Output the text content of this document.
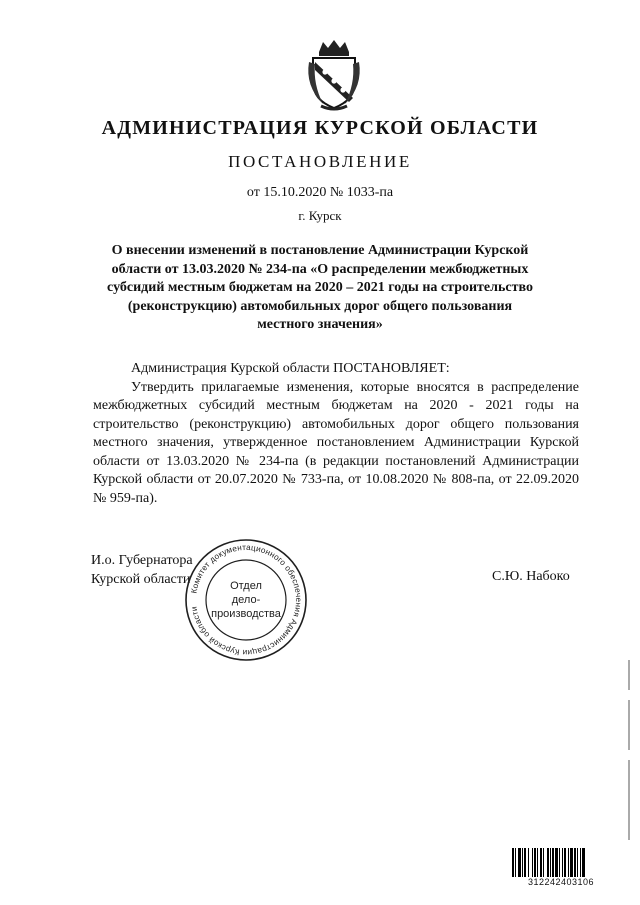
АДМИНИСТРАЦИЯ КУРСКОЙ ОБЛАСТИ
ПОСТАНОВЛЕНИЕ
от 15.10.2020 № 1033-па
г. Курск
О внесении изменений в постановление Администрации Курской
области от 13.03.2020 № 234-па «О распределении межбюджетных
субсидий местным бюджетам на 2020 – 2021 годы на строительство
(реконструкцию) автомобильных дорог общего пользования
местного значения»

Администрация Курской области ПОСТАНОВЛЯЕТ:

Утвердить прилагаемые изменения, которые вносятся в распределение межбюджетных субсидий местным бюджетам на 2020 - 2021 годы на строительство (реконструкцию) автомобильных дорог общего пользования местного значения, утвержденное постановлением Администрации Курской области от 13.03.2020 № 234-па (в редакции постановлений Администрации Курской области от 20.07.2020 № 733-па, от 10.08.2020 № 808-па, от 22.09.2020 № 959-па).

И.о. Губернатора
Курской области	С.Ю. Набоко
Комитет документационного обеспечения Администрации Курской области
Отдел
дело-
производства
312242403106
